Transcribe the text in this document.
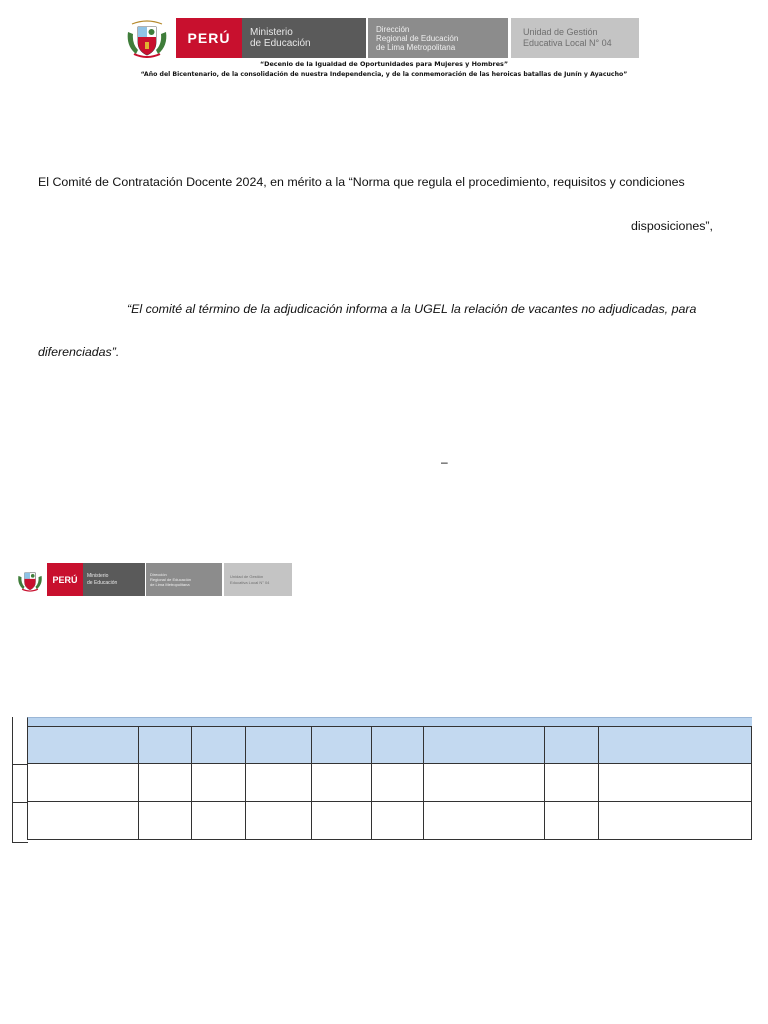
PERÚ Ministerio
de Educación
Dirección
Regional de Educación
de Lima Metropolitana
Unidad de Gestión
Educativa Local N° 04
“Decenio de la Igualdad de Oportunidades para Mujeres y Hombres”
“Año del Bicentenario, de la consolidación de nuestra Independencia, y de la conmemoración de las heroicas batallas de Junín y Ayacucho”
El Comité de Contratación Docente 2024, en mérito a la “Norma que regula el procedimiento, requisitos y condiciones
disposiciones”,
“El comité al término de la adjudicación informa a la UGEL la relación de vacantes no adjudicadas, para
diferenciadas”.
–
PERÚ Ministerio
de Educación
Dirección
Regional de Educación
de Lima Metropolitana
Unidad de Gestión
Educativa Local N° 04
